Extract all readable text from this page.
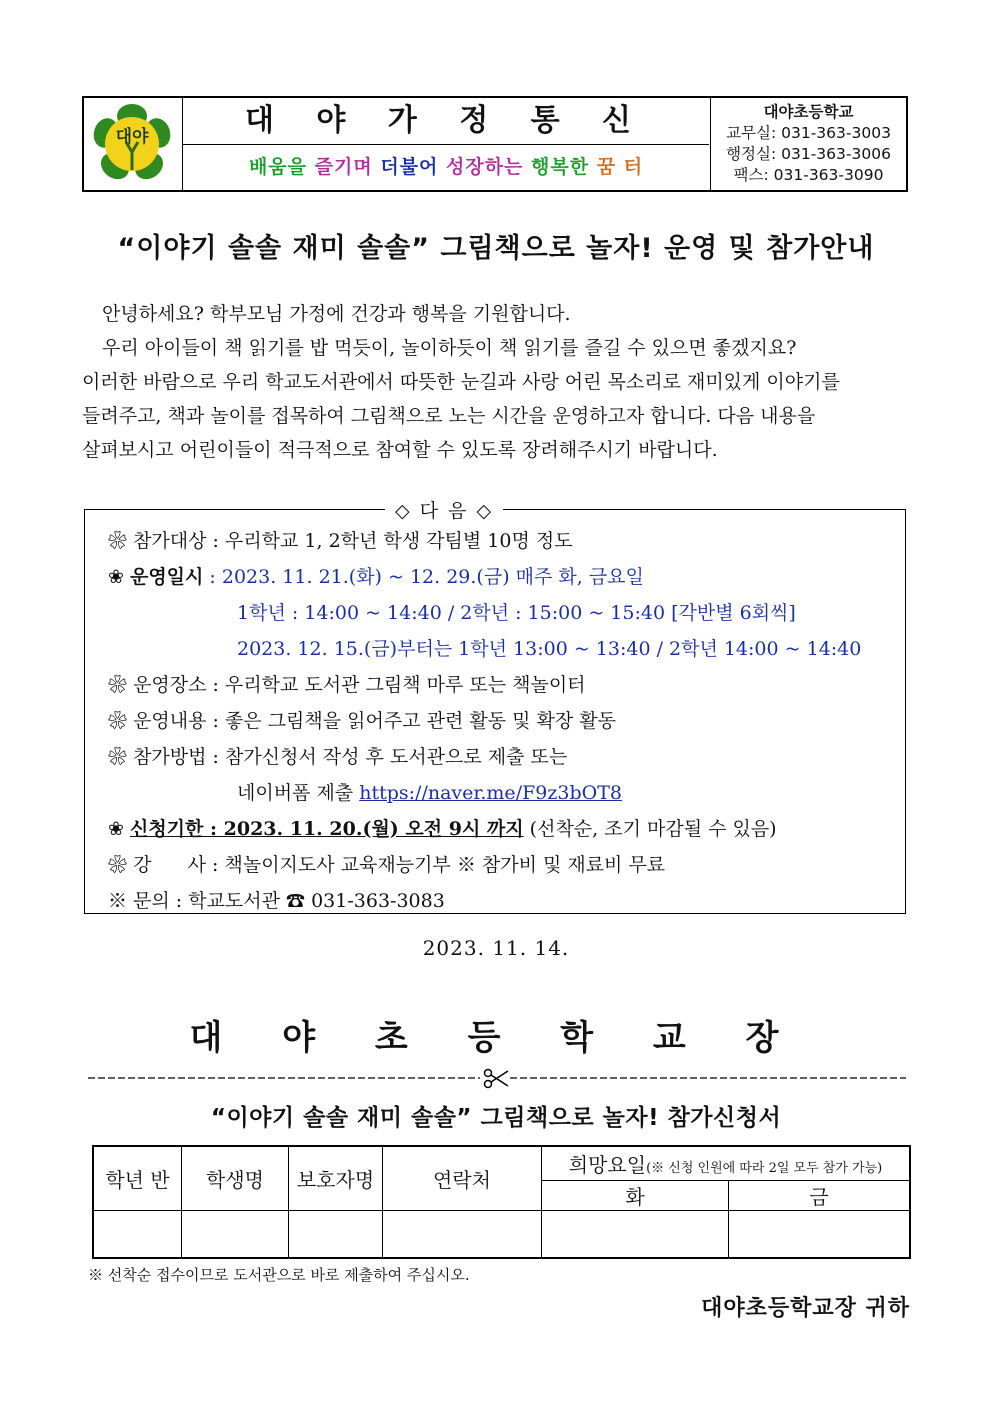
대야	대 야 가 정 통 신
배움을 즐기며 더불어 성장하는 행복한 꿈 터
대야초등학교
교무실: 031-363-3003
행정실: 031-363-3006
팩스: 031-363-3090
“이야기 솔솔 재미 솔솔” 그림책으로 놀자! 운영 및 참가안내
안녕하세요? 학부모님 가정에 건강과 행복을 기원합니다.
우리 아이들이 책 읽기를 밥 먹듯이, 놀이하듯이 책 읽기를 즐길 수 있으면 좋겠지요?
이러한 바람으로 우리 학교도서관에서 따뜻한 눈길과 사랑 어린 목소리로 재미있게 이야기를
들려주고, 책과 놀이를 접목하여 그림책으로 노는 시간을 운영하고자 합니다. 다음 내용을
살펴보시고 어린이들이 적극적으로 참여할 수 있도록 장려해주시기 바랍니다.
◇ 다 음 ◇
❀ 참가대상 : 우리학교 1, 2학년 학생 각팀별 10명 정도
❀ 운영일시 : 2023. 11. 21.(화) ~ 12. 29.(금) 매주 화, 금요일
1학년 : 14:00 ~ 14:40 / 2학년 : 15:00 ~ 15:40 [각반별 6회씩]
2023. 12. 15.(금)부터는 1학년 13:00 ~ 13:40 / 2학년 14:00 ~ 14:40
❀ 운영장소 : 우리학교 도서관 그림책 마루 또는 책놀이터
❀ 운영내용 : 좋은 그림책을 읽어주고 관련 활동 및 확장 활동
❀ 참가방법 : 참가신청서 작성 후 도서관으로 제출 또는
네이버폼 제출 https://naver.me/F9z3bOT8
❀ 신청기한 : 2023. 11. 20.(월) 오전 9시 까지 (선착순, 조기 마감될 수 있음)
❀ 강      사 : 책놀이지도사 교육재능기부 ※ 참가비 및 재료비 무료
※ 문의 : 학교도서관 ☎ 031-363-3083
2023. 11. 14.
대 야 초 등 학 교 장
“이야기 솔솔 재미 솔솔” 그림책으로 놀자! 참가신청서
학년 반	학생명	보호자명	연락처	희망요일(※ 신청 인원에 따라 2일 모두 참가 가능)	
				화	금

※ 선착순 접수이므로 도서관으로 바로 제출하여 주십시오.
대야초등학교장 귀하
